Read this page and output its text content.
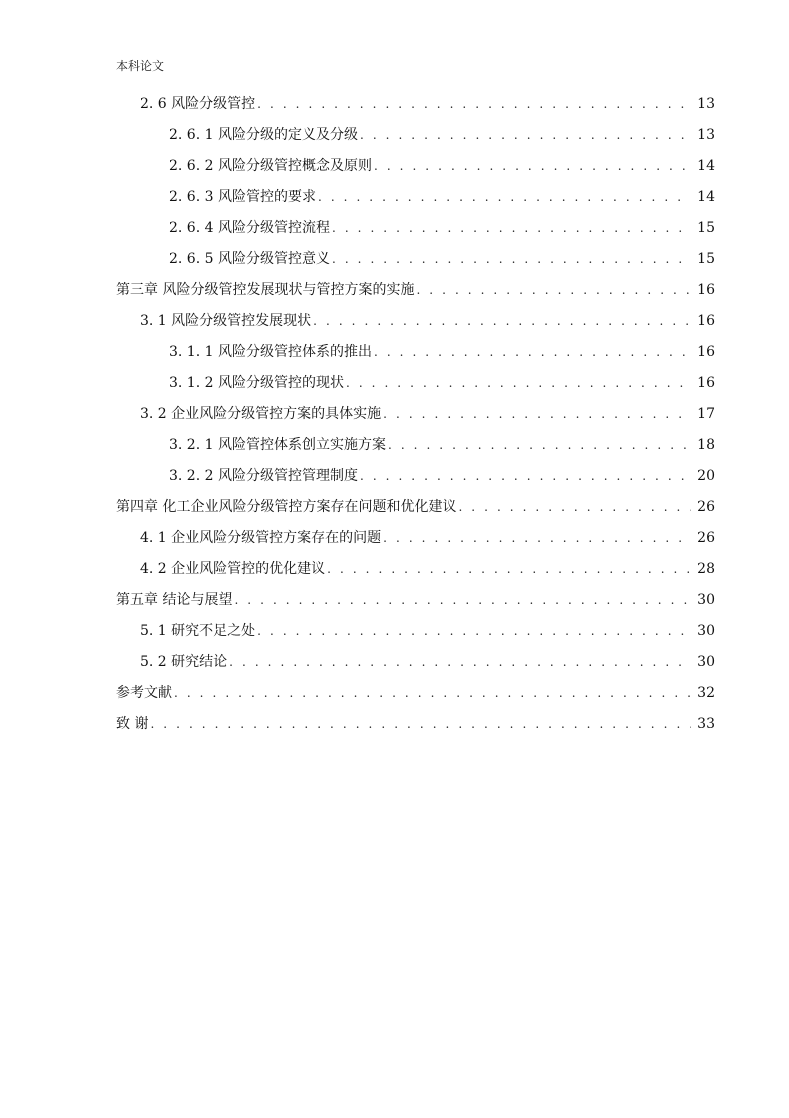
本科论文
2. 6 风险分级管控 . . .	13
2. 6. 1 风险分级的定义及分级 . . .	13
2. 6. 2 风险分级管控概念及原则 . . .	14
2. 6. 3 风险管控的要求 . . .	14
2. 6. 4 风险分级管控流程 . . .	15
2. 6. 5 风险分级管控意义 . . .	15
第三章 风险分级管控发展现状与管控方案的实施 . . .	16
3. 1 风险分级管控发展现状 . . .	16
3. 1. 1 风险分级管控体系的推出 . . .	16
3. 1. 2 风险分级管控的现状 . . .	16
3. 2 企业风险分级管控方案的具体实施 . . .	17
3. 2. 1 风险管控体系创立实施方案 . . .	18
3. 2. 2 风险分级管控管理制度 . . .	20
第四章 化工企业风险分级管控方案存在问题和优化建议 . . .	26
4. 1 企业风险分级管控方案存在的问题 . . .	26
4. 2 企业风险管控的优化建议 . . .	28
第五章 结论与展望 . . .	30
5. 1 研究不足之处 . . .	30
5. 2 研究结论 . . .	30
参考文献 . . .	32
致 谢 . . .	33
